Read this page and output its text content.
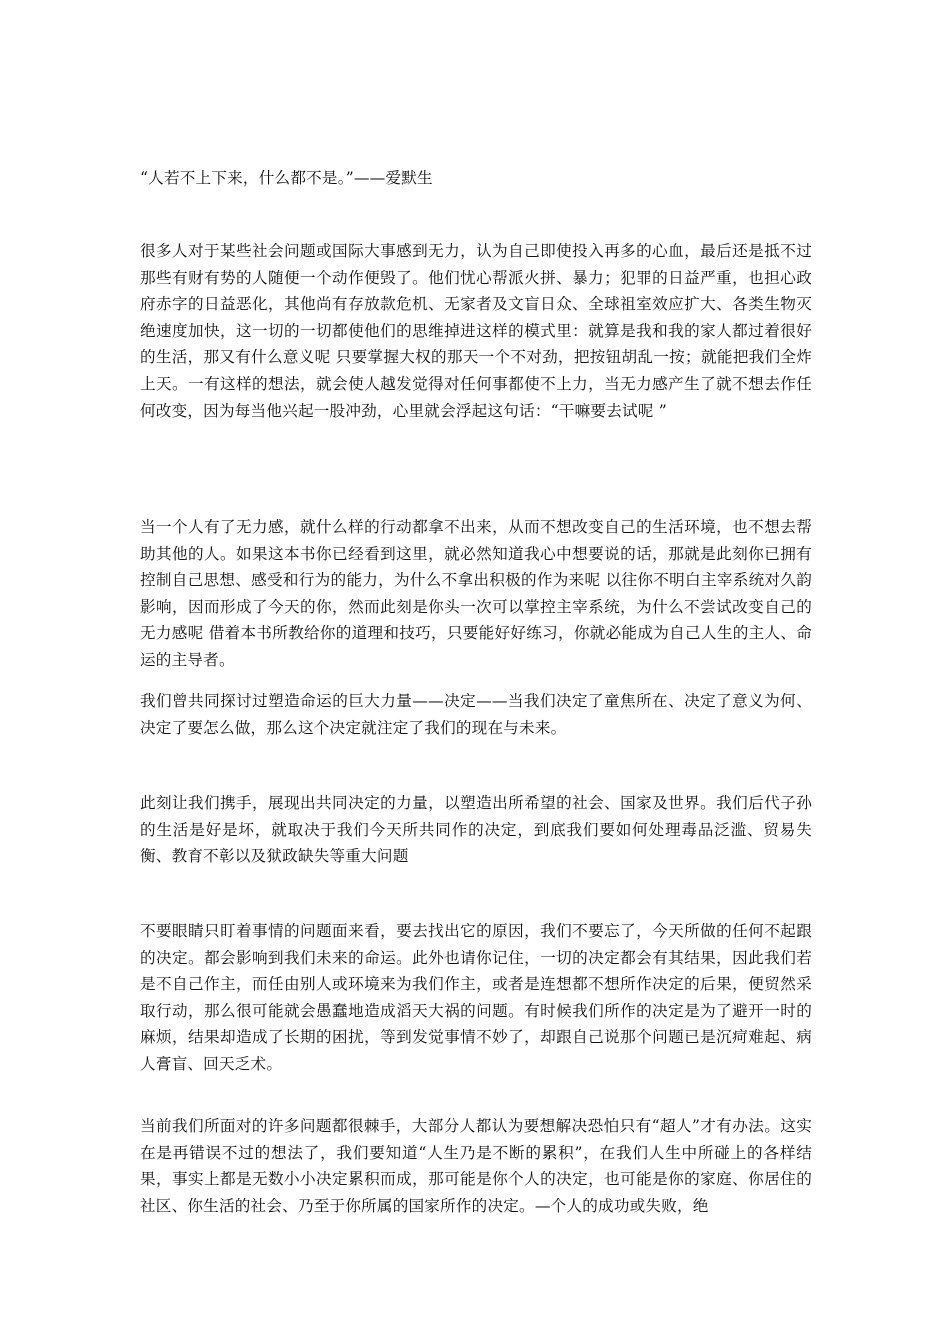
“人若不上下来，什么都不是。”——爱默生

很多人对于某些社会问题或国际大事感到无力，认为自己即使投入再多的心血，最后还是抵不过那些有财有势的人随便一个动作便毁了。他们忧心帮派火拼、暴力；犯罪的日益严重，也担心政府赤字的日益恶化，其他尚有存放款危机、无家者及文盲日众、全球祖室效应扩大、各类生物灭绝速度加快，这一切的一切都使他们的思维掉进这样的模式里：就算是我和我的家人都过着很好的生活，那又有什么意义呢 只要掌握大权的那天一个不对劲，把按钮胡乱一按；就能把我们全炸上天。一有这样的想法，就会使人越发觉得对任何事都使不上力，当无力感产生了就不想去作任何改变，因为每当他兴起一股冲劲，心里就会浮起这句话：“干嘛要去试呢 ”

当一个人有了无力感，就什么样的行动都拿不出来，从而不想改变自己的生活环境，也不想去帮助其他的人。如果这本书你已经看到这里，就必然知道我心中想要说的话，那就是此刻你已拥有控制自己思想、感受和行为的能力，为什么不拿出积极的作为来呢 以往你不明白主宰系统对久韵影响，因而形成了今天的你，然而此刻是你头一次可以掌控主宰系统，为什么不尝试改变自己的无力感呢 借着本书所教给你的道理和技巧，只要能好好练习，你就必能成为自己人生的主人、命运的主导者。

我们曾共同探讨过塑造命运的巨大力量——决定——当我们决定了童焦所在、决定了意义为何、决定了要怎么做，那么这个决定就注定了我们的现在与未来。

此刻让我们携手，展现出共同决定的力量，以塑造出所希望的社会、国家及世界。我们后代子孙的生活是好是坏，就取决于我们今天所共同作的决定，到底我们要如何处理毒品泛滥、贸易失衡、教育不彰以及狱政缺失等重大问题

不要眼睛只盯着事情的问题面来看，要去找出它的原因，我们不要忘了，今天所做的任何不起跟的决定。都会影响到我们未来的命运。此外也请你记住，一切的决定都会有其结果，因此我们若是不自己作主，而任由别人或环境来为我们作主，或者是连想都不想所作决定的后果，便贸然采取行动，那么很可能就会愚蠢地造成滔天大祸的问题。有时候我们所作的决定是为了避开一时的麻烦，结果却造成了长期的困扰，等到发觉事情不妙了，却跟自己说那个问题已是沉疴难起、病人膏盲、回天乏术。

当前我们所面对的许多问题都很棘手，大部分人都认为要想解决恐怕只有“超人”才有办法。这实在是再错误不过的想法了，我们要知道“人生乃是不断的累积”，在我们人生中所碰上的各样结果，事实上都是无数小小决定累积而成，那可能是你个人的决定，也可能是你的家庭、你居住的社区、你生活的社会、乃至于你所属的国家所作的决定。—个人的成功或失败，绝
